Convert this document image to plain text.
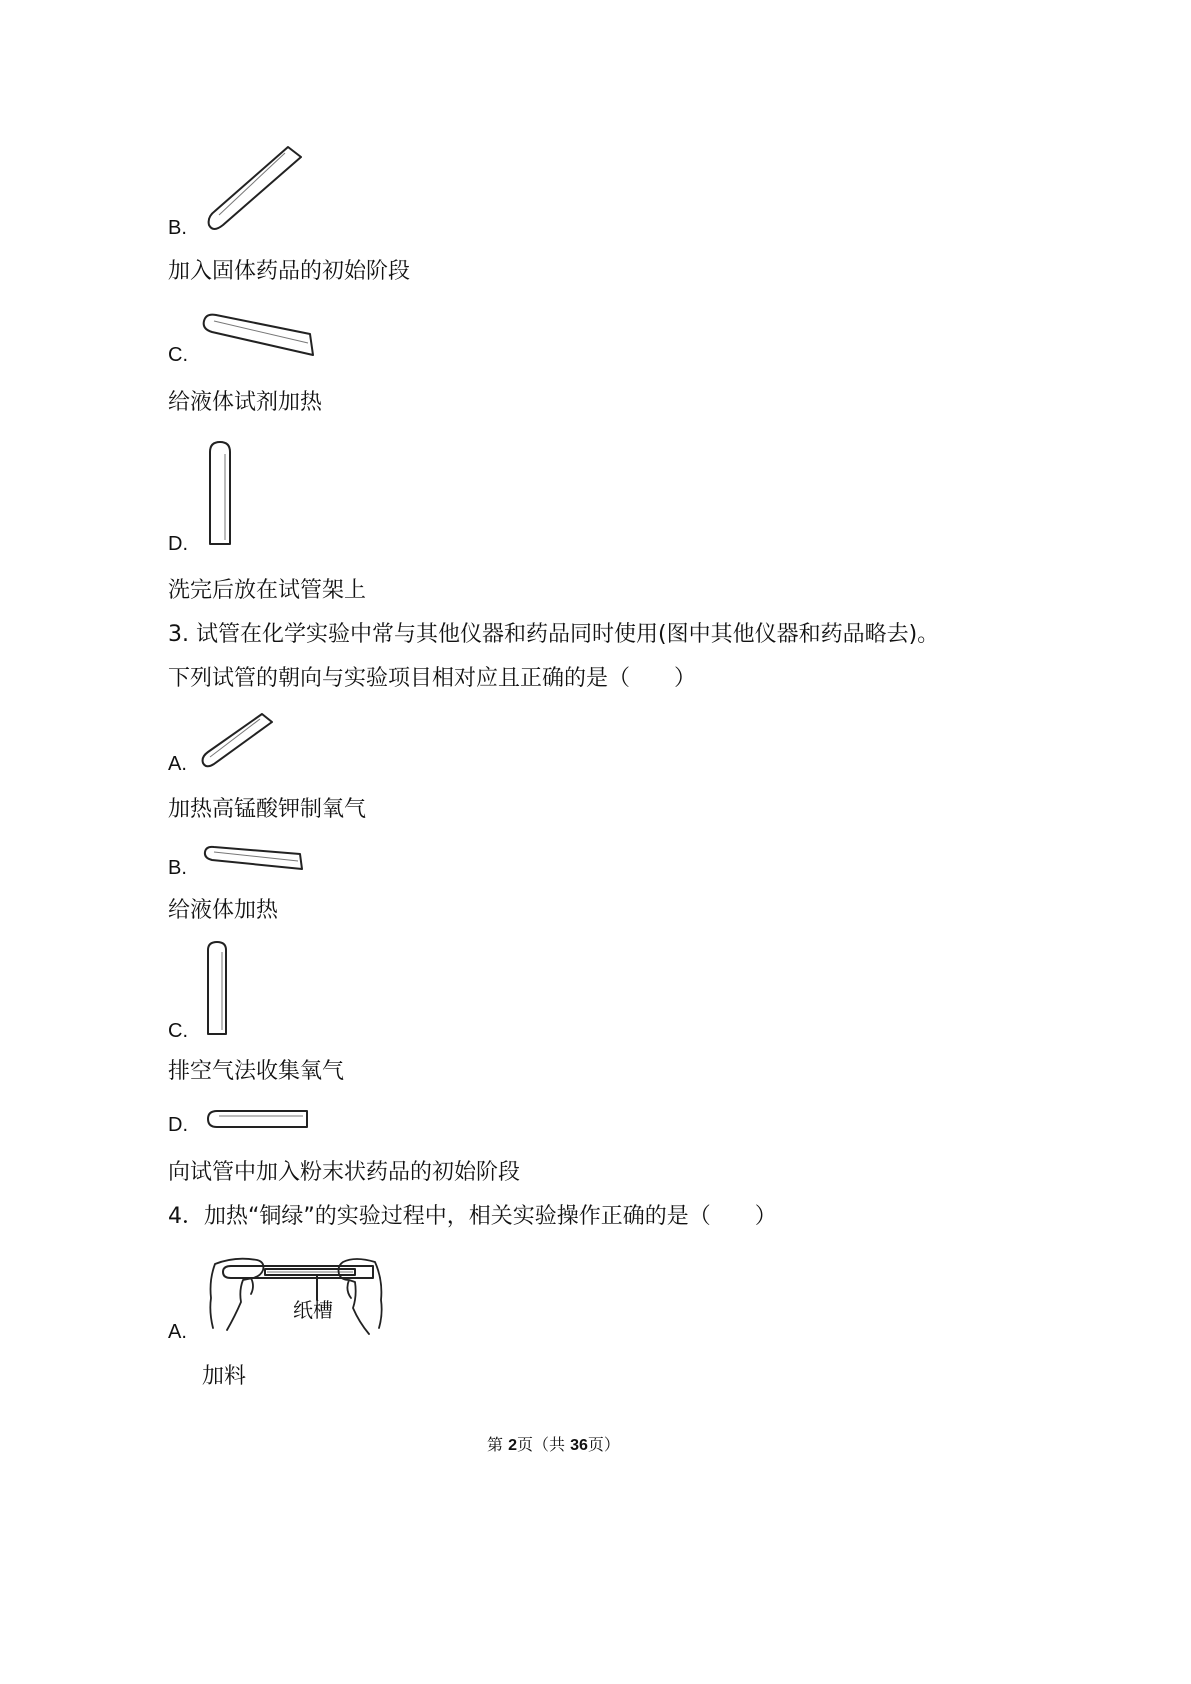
B.
加入固体药品的初始阶段
C.
给液体试剂加热
D.
洗完后放在试管架上
3. 试管在化学实验中常与其他仪器和药品同时使用(图中其他仪器和药品略去)。
下列试管的朝向与实验项目相对应且正确的是（　　）
A.
加热高锰酸钾制氧气
B.
给液体加热
C.
排空气法收集氧气
D.
向试管中加入粉末状药品的初始阶段
4．加热“铜绿”的实验过程中，相关实验操作正确的是（　　）
纸槽
A.
加料
第 2页（共 36页）
